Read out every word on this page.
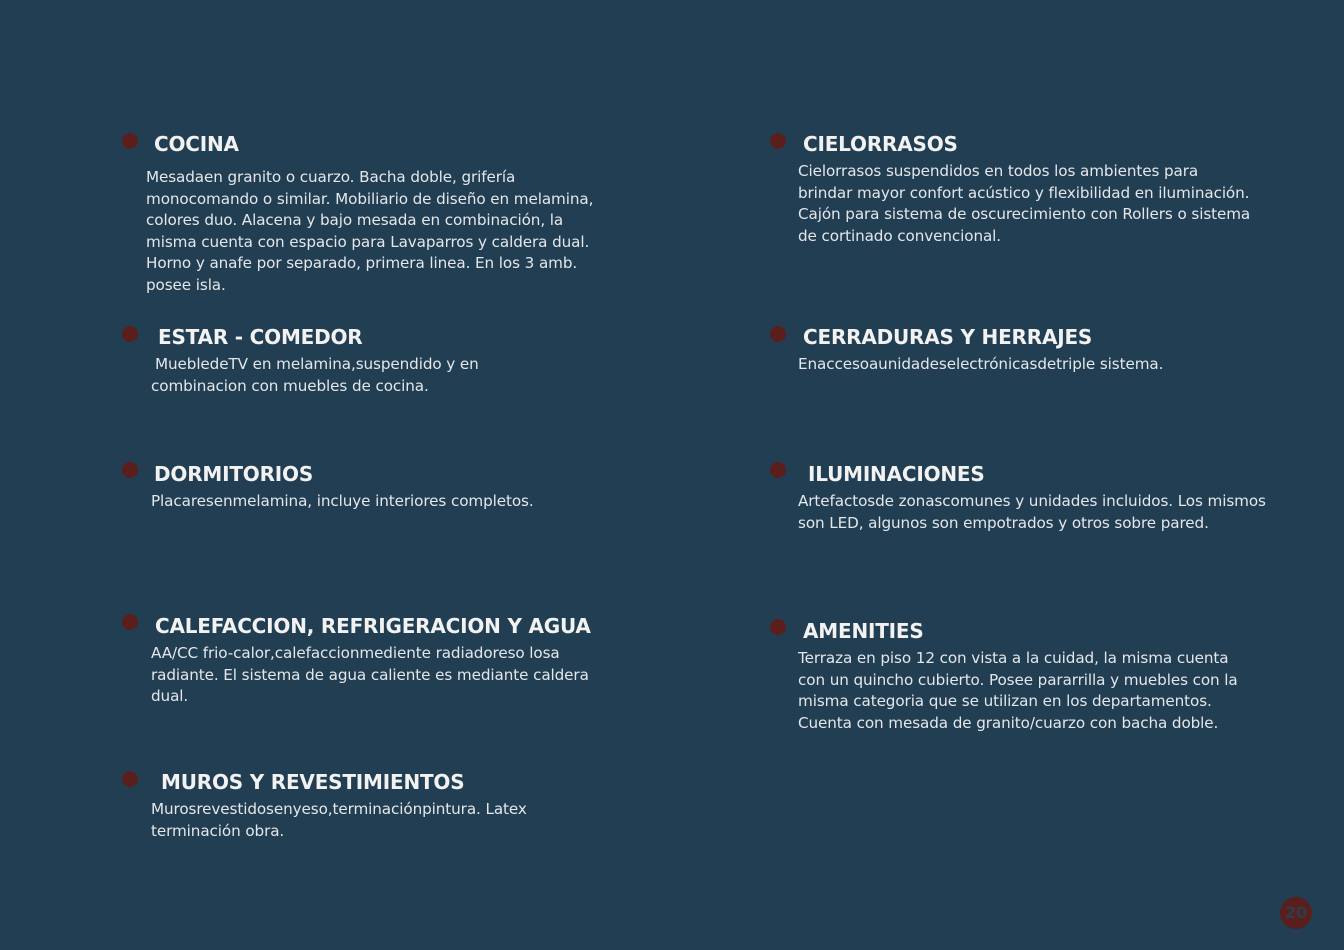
COCINA
Mesadaen granito o cuarzo. Bacha doble, grifería monocomando o similar. Mobiliario de diseño en melamina, colores duo. Alacena y bajo mesada en combinación, la misma cuenta con espacio para Lavaparros y caldera dual. Horno y anafe por separado, primera linea. En los 3 amb. posee isla.
ESTAR - COMEDOR
MuebledeTV en melamina,suspendido y en combinacion con muebles de cocina.
DORMITORIOS
Placaresenmelamina, incluye interiores completos.
CALEFACCION, REFRIGERACION Y AGUA
AA/CC frio-calor,calefaccionmediente radiadoreso losa radiante. El sistema de agua caliente es mediante caldera dual.
MUROS Y REVESTIMIENTOS
Murosrevestidosenyeso,terminaciónpintura. Latex terminación obra.
CIELORRASOS
Cielorrasos suspendidos en todos los ambientes para brindar mayor confort acústico y flexibilidad en iluminación. Cajón para sistema de oscurecimiento con Rollers o sistema de cortinado convencional.
CERRADURAS Y HERRAJES
Enaccesoaunidadeselectrónicasdetriple sistema.
ILUMINACIONES
Artefactosde zonascomunes y unidades incluidos. Los mismos son LED, algunos son empotrados y otros sobre pared.
AMENITIES
Terraza en piso 12 con vista a la cuidad, la misma cuenta con un quincho cubierto. Posee pararrilla y muebles con la misma categoria que se utilizan en los departamentos. Cuenta con mesada de granito/cuarzo con bacha doble.
20
